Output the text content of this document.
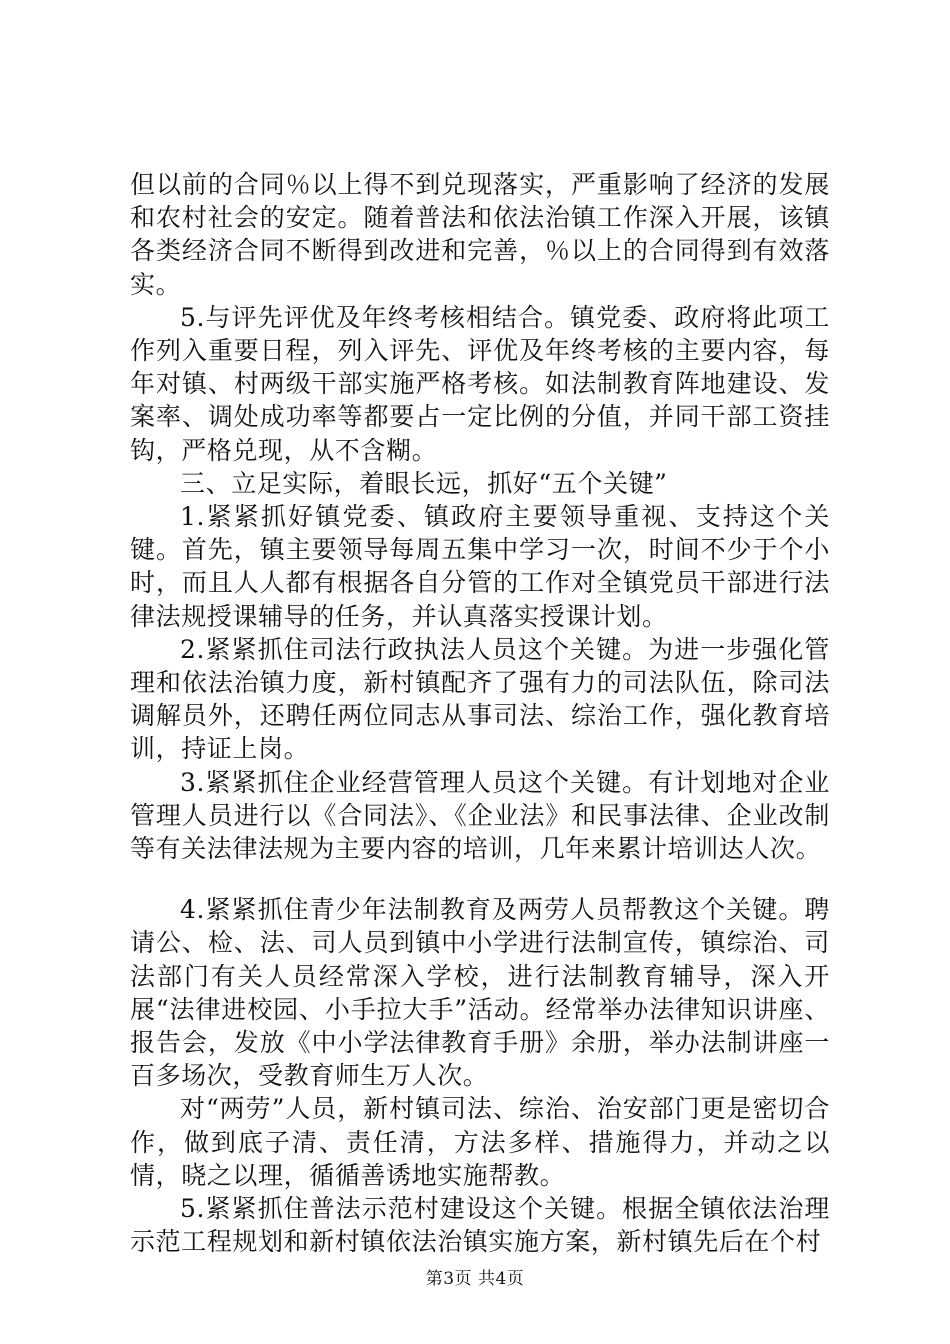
但以前的合同％以上得不到兑现落实，严重影响了经济的发展和农村社会的安定。随着普法和依法治镇工作深入开展，该镇各类经济合同不断得到改进和完善，％以上的合同得到有效落实。

5.与评先评优及年终考核相结合。镇党委、政府将此项工作列入重要日程，列入评先、评优及年终考核的主要内容，每年对镇、村两级干部实施严格考核。如法制教育阵地建设、发案率、调处成功率等都要占一定比例的分值，并同干部工资挂钩，严格兑现，从不含糊。

三、立足实际，着眼长远，抓好“五个关键”

1.紧紧抓好镇党委、镇政府主要领导重视、支持这个关键。首先，镇主要领导每周五集中学习一次，时间不少于个小时，而且人人都有根据各自分管的工作对全镇党员干部进行法律法规授课辅导的任务，并认真落实授课计划。

2.紧紧抓住司法行政执法人员这个关键。为进一步强化管理和依法治镇力度，新村镇配齐了强有力的司法队伍，除司法调解员外，还聘任两位同志从事司法、综治工作，强化教育培训，持证上岗。

3.紧紧抓住企业经营管理人员这个关键。有计划地对企业管理人员进行以《合同法》、《企业法》和民事法律、企业改制等有关法律法规为主要内容的培训，几年来累计培训达人次。

4.紧紧抓住青少年法制教育及两劳人员帮教这个关键。聘请公、检、法、司人员到镇中小学进行法制宣传，镇综治、司法部门有关人员经常深入学校，进行法制教育辅导，深入开展“法律进校园、小手拉大手”活动。经常举办法律知识讲座、报告会，发放《中小学法律教育手册》余册，举办法制讲座一百多场次，受教育师生万人次。

对“两劳”人员，新村镇司法、综治、治安部门更是密切合作，做到底子清、责任清，方法多样、措施得力，并动之以情，晓之以理，循循善诱地实施帮教。

5.紧紧抓住普法示范村建设这个关键。根据全镇依法治理示范工程规划和新村镇依法治镇实施方案，新村镇先后在个村

第3页 共4页
